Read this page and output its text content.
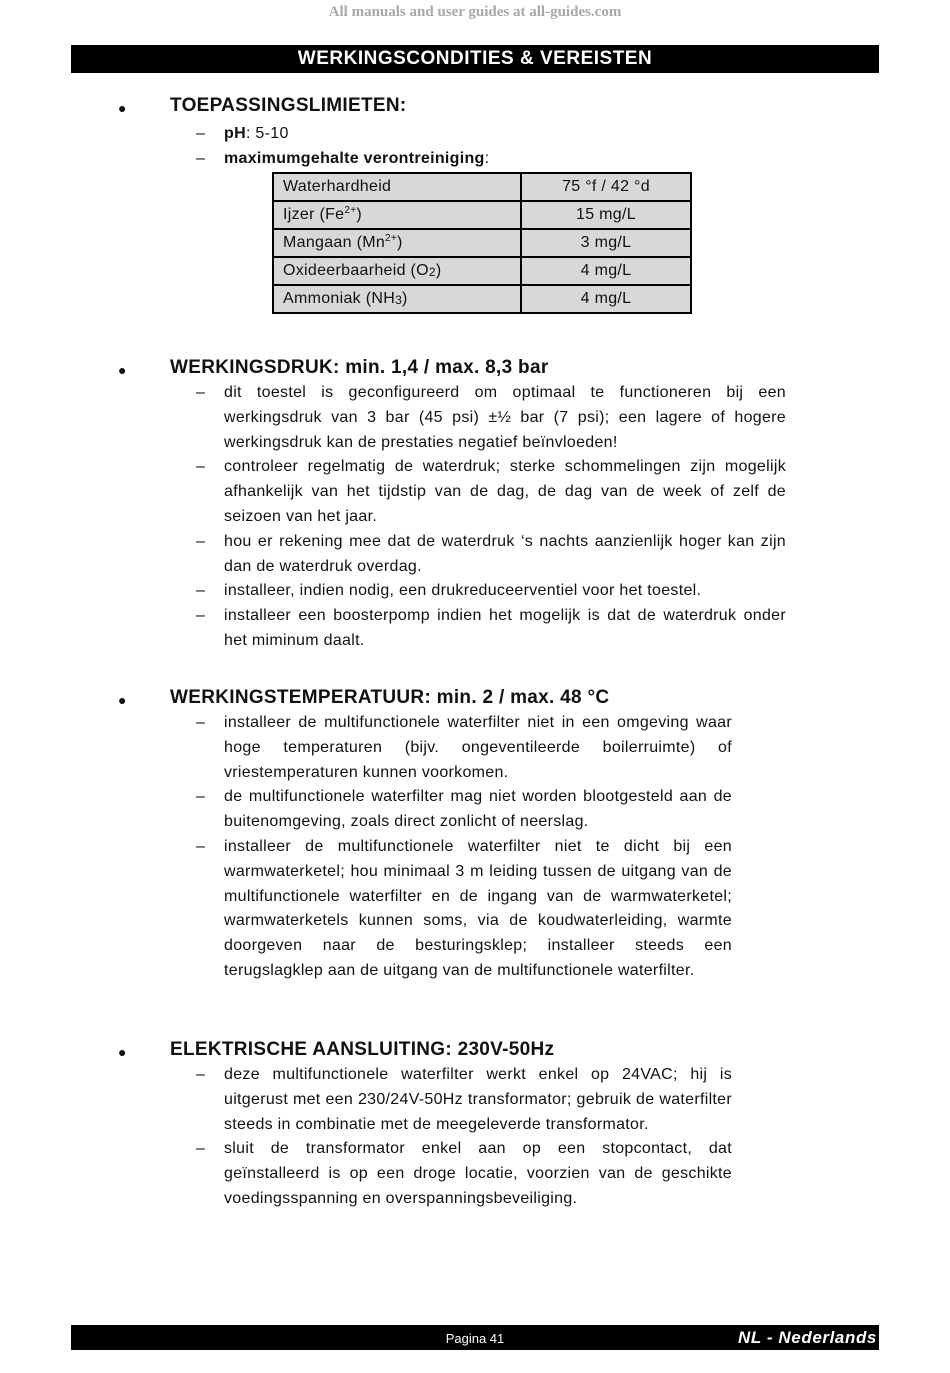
All manuals and user guides at all-guides.com
WERKINGSCONDITIES & VEREISTEN
● TOEPASSINGSLIMIETEN:
– pH: 5-10
– maximumgehalte verontreiniging:
Waterhardheid	75 °f / 42 °d
Ijzer $(Fe^{2+})$	15 mg/L
Mangaan $(Mn^{2+})$	3 mg/L
Oxideerbaarheid $(O_2)$	4 mg/L
Ammoniak $(NH_3)$	4 mg/L
● WERKINGSDRUK: min. 1,4 / max. 8,3 bar
– dit toestel is geconfigureerd om optimaal te functioneren bij een werkingsdruk van 3 bar (45 psi) ±½ bar (7 psi); een lagere of hogere werkingsdruk kan de prestaties negatief beïnvloeden!
– controleer regelmatig de waterdruk; sterke schommelingen zijn mogelijk afhankelijk van het tijdstip van de dag, de dag van de week of zelf de seizoen van het jaar.
– hou er rekening mee dat de waterdruk ‘s nachts aanzienlijk hoger kan zijn dan de waterdruk overdag.
– installeer, indien nodig, een drukreduceerventiel voor het toestel.
– installeer een boosterpomp indien het mogelijk is dat de waterdruk onder het miminum daalt.
● WERKINGSTEMPERATUUR: min. 2 / max. 48 °C
– installeer de multifunctionele waterfilter niet in een omgeving waar hoge temperaturen (bijv. ongeventileerde boilerruimte) of vriestemperaturen kunnen voorkomen.
– de multifunctionele waterfilter mag niet worden blootgesteld aan de buitenomgeving, zoals direct zonlicht of neerslag.
– installeer de multifunctionele waterfilter niet te dicht bij een warmwaterketel; hou minimaal 3 m leiding tussen de uitgang van de multifunctionele waterfilter en de ingang van de warmwaterketel; warmwaterketels kunnen soms, via de koudwaterleiding, warmte doorgeven naar de besturingsklep; installeer steeds een terugslagklep aan de uitgang van de multifunctionele waterfilter.
● ELEKTRISCHE AANSLUITING: 230V-50Hz
– deze multifunctionele waterfilter werkt enkel op 24VAC; hij is uitgerust met een 230/24V-50Hz transformator; gebruik de waterfilter steeds in combinatie met de meegeleverde transformator.
– sluit de transformator enkel aan op een stopcontact, dat geïnstalleerd is op een droge locatie, voorzien van de geschikte voedingsspanning en overspanningsbeveiliging.
Pagina 41	NL - Nederlands
